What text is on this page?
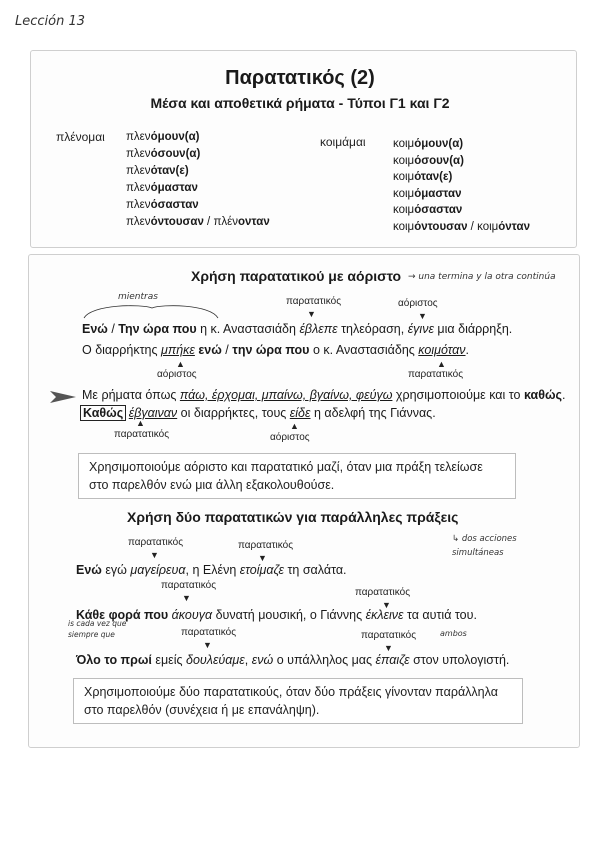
Lección 13
Παρατατικός (2)
Μέσα και αποθετικά ρήματα - Τύποι Γ1 και Γ2
πλένομαι πλενόμουν(α)
πλενόσουν(α)
πλενόταν(ε)
πλενόμασταν
πλενόσασταν
πλενόντουσαν / πλένονταν
κοιμάμαι κοιμόμουν(α)
κοιμόσουν(α)
κοιμόταν(ε)
κοιμόμασταν
κοιμόσασταν
κοιμόντουσαν / κοιμόνταν
Χρήση παρατατικού με αόριστο → una termina y la otra continúa
mientras	παρατατικός
▼
αόριστος
▼
Ενώ / Την ώρα που η κ. Αναστασιάδη έβλεπε τηλεόραση, έγινε μια διάρρηξη.
Ο διαρρήκτης μπήκε ενώ / την ώρα που ο κ. Αναστασιάδης κοιμόταν.
▲
αόριστος
▲
παρατατικός
Με ρήματα όπως πάω, έρχομαι, μπαίνω, βγαίνω, φεύγω χρησιμοποιούμε και το καθώς.
Καθώς  έβγαιναν οι διαρρήκτες, τους είδε η αδελφή της Γιάννας.
▲
παρατατικός
▲
αόριστος
Χρησιμοποιούμε αόριστο και παρατατικό μαζί, όταν μια πράξη τελείωσε στο παρελθόν ενώ μια άλλη εξακολουθούσε.
Χρήση δύο παρατατικών για παράλληλες πράξεις
↳ dos acciones simultáneas
παρατατικός
▼
παρατατικός
▼
Ενώ εγώ μαγείρευα, η Ελένη ετοίμαζε τη σαλάτα.
παρατατικός
▼	παρατατικός
▼
Κάθε φορά που άκουγα δυνατή μουσική, ο Γιάννης έκλεινε τα αυτιά του.
is cada vez que siempre que	παρατατικός
▼
παρατατικός
▼
ambos
Όλο το πρωί εμείς δουλεύαμε, ενώ ο υπάλληλος μας έπαιζε στον υπολογιστή.
Χρησιμοποιούμε δύο παρατατικούς, όταν δύο πράξεις γίνονταν παράλληλα στο παρελθόν (συνέχεια ή με επανάληψη).
